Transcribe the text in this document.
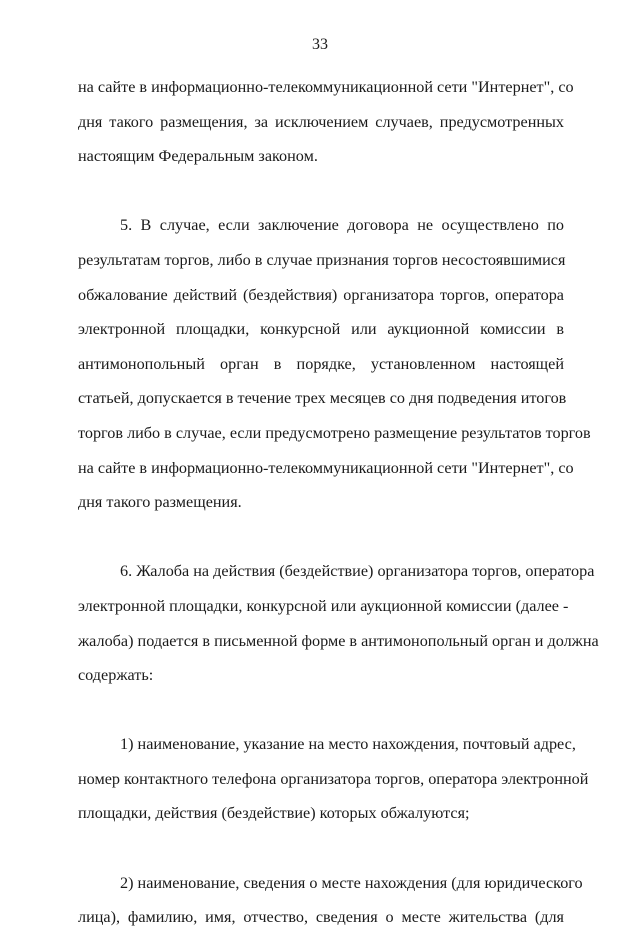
33
на сайте в информационно-телекоммуникационной сети "Интернет", со
дня такого размещения, за исключением случаев, предусмотренных
настоящим Федеральным законом.
5. В случае, если заключение договора не осуществлено по
результатам торгов, либо в случае признания торгов несостоявшимися
обжалование действий (бездействия) организатора торгов, оператора
электронной площадки, конкурсной или аукционной комиссии в
антимонопольный орган в порядке, установленном настоящей
статьей, допускается в течение трех месяцев со дня подведения итогов
торгов либо в случае, если предусмотрено размещение результатов торгов
на сайте в информационно-телекоммуникационной сети "Интернет", со
дня такого размещения.
6. Жалоба на действия (бездействие) организатора торгов, оператора
электронной площадки, конкурсной или аукционной комиссии (далее -
жалоба) подается в письменной форме в антимонопольный орган и должна
содержать:
1) наименование, указание на место нахождения, почтовый адрес,
номер контактного телефона организатора торгов, оператора электронной
площадки, действия (бездействие) которых обжалуются;
2) наименование, сведения о месте нахождения (для юридического
лица), фамилию, имя, отчество, сведения о месте жительства (для
